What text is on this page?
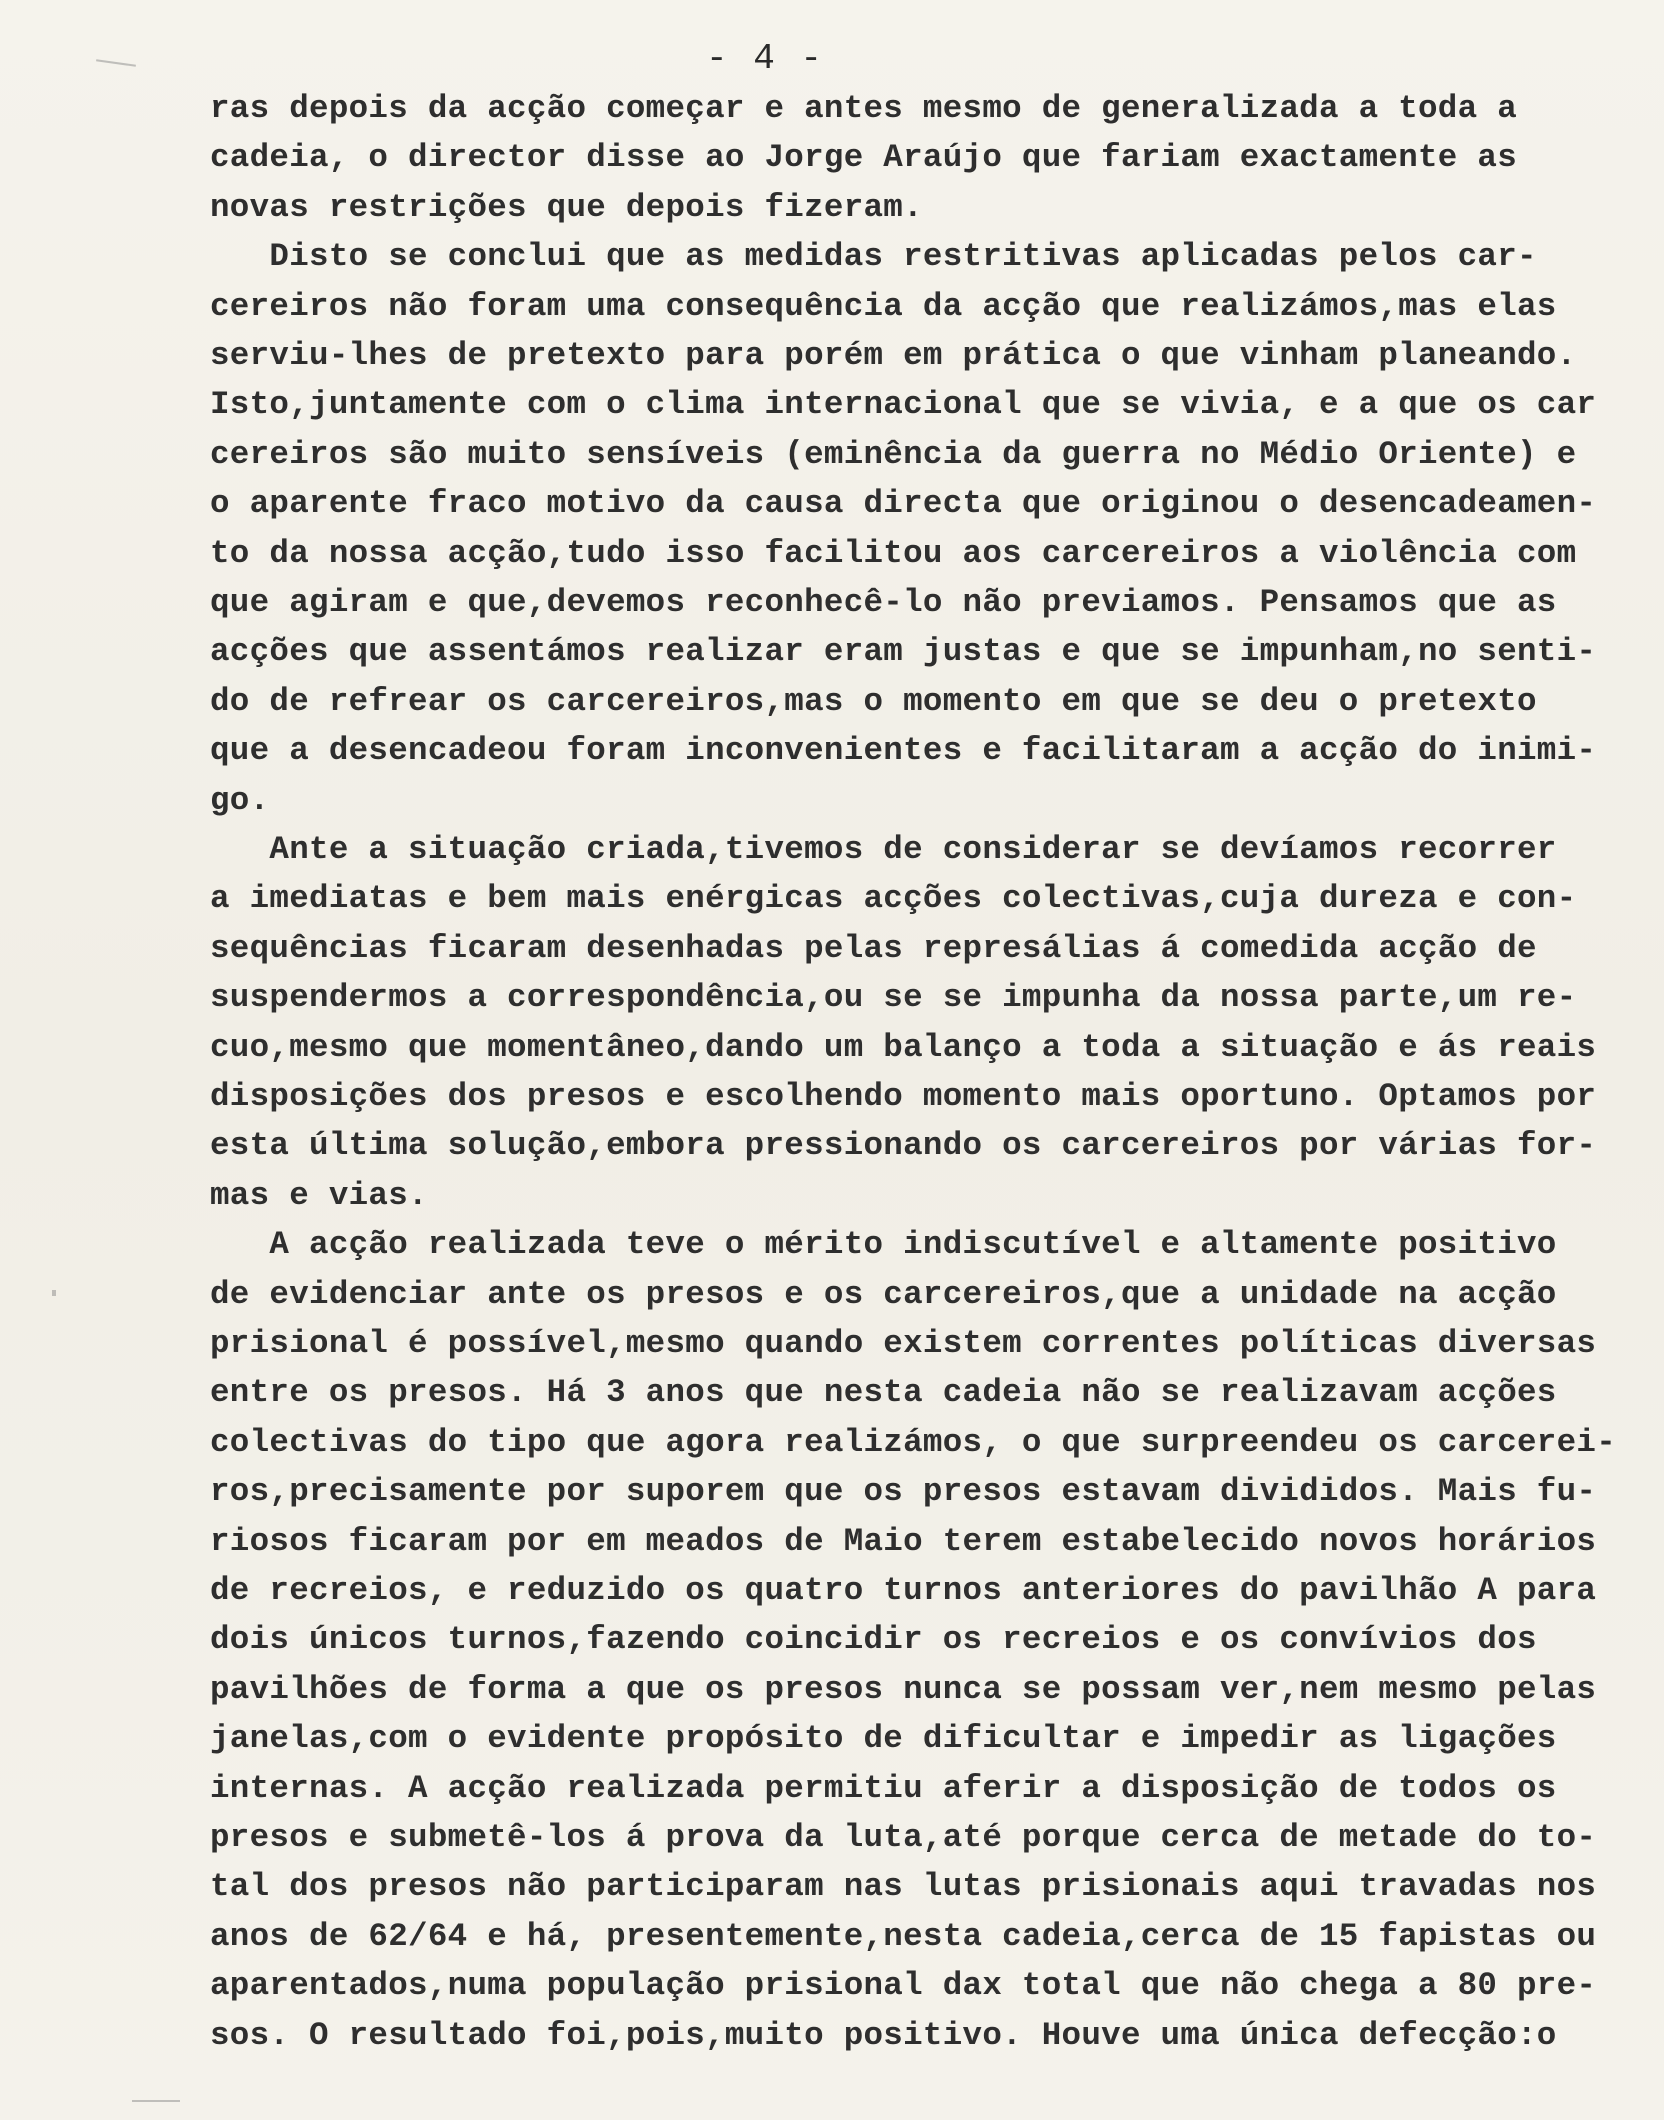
- 4 -
ras depois da acção começar e antes mesmo de generalizada a toda a
cadeia, o director disse ao Jorge Araújo que fariam exactamente as
novas restrições que depois fizeram.
Disto se conclui que as medidas restritivas aplicadas pelos car-
cereiros não foram uma consequência da acção que realizámos,mas elas
serviu-lhes de pretexto para porém em prática o que vinham planeando.
Isto,juntamente com o clima internacional que se vivia, e a que os car
cereiros são muito sensíveis (eminência da guerra no Médio Oriente) e
o aparente fraco motivo da causa directa que originou o desencadeamen-
to da nossa acção,tudo isso facilitou aos carcereiros a violência com
que agiram e que,devemos reconhecê-lo não previamos. Pensamos que as
acções que assentámos realizar eram justas e que se impunham,no senti-
do de refrear os carcereiros,mas o momento em que se deu o pretexto
que a desencadeou foram inconvenientes e facilitaram a acção do inimi-
go.
Ante a situação criada,tivemos de considerar se devíamos recorrer
a imediatas e bem mais enérgicas acções colectivas,cuja dureza e con-
sequências ficaram desenhadas pelas represálias á comedida acção de
suspendermos a correspondência,ou se se impunha da nossa parte,um re-
cuo,mesmo que momentâneo,dando um balanço a toda a situação e ás reais
disposições dos presos e escolhendo momento mais oportuno. Optamos por
esta última solução,embora pressionando os carcereiros por várias for-
mas e vias.
A acção realizada teve o mérito indiscutível e altamente positivo
de evidenciar ante os presos e os carcereiros,que a unidade na acção
prisional é possível,mesmo quando existem correntes políticas diversas
entre os presos. Há 3 anos que nesta cadeia não se realizavam acções
colectivas do tipo que agora realizámos, o que surpreendeu os carcerei-
ros,precisamente por suporem que os presos estavam divididos. Mais fu-
riosos ficaram por em meados de Maio terem estabelecido novos horários
de recreios, e reduzido os quatro turnos anteriores do pavilhão A para
dois únicos turnos,fazendo coincidir os recreios e os convívios dos
pavilhões de forma a que os presos nunca se possam ver,nem mesmo pelas
janelas,com o evidente propósito de dificultar e impedir as ligações
internas. A acção realizada permitiu aferir a disposição de todos os
presos e submetê-los á prova da luta,até porque cerca de metade do to-
tal dos presos não participaram nas lutas prisionais aqui travadas nos
anos de 62/64 e há, presentemente,nesta cadeia,cerca de 15 fapistas ou
aparentados,numa população prisional dax total que não chega a 80 pre-
sos. O resultado foi,pois,muito positivo. Houve uma única defecção:o
